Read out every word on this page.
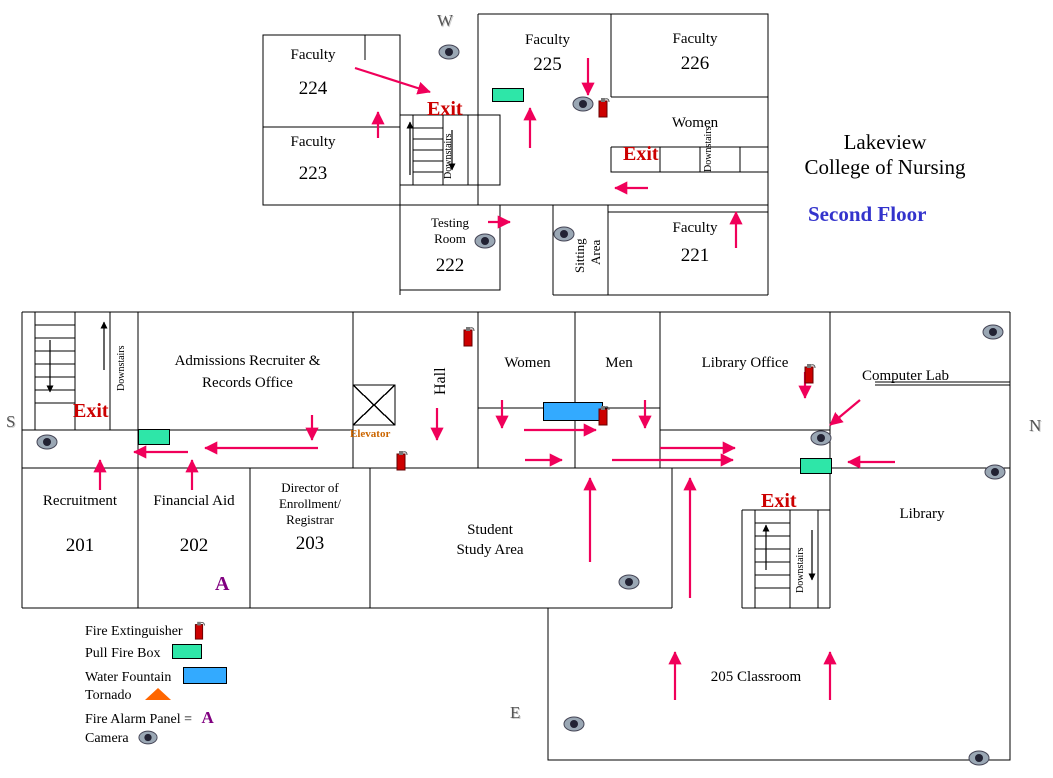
Lakeview
College of Nursing
Second Floor
W
N
S
E
Exit
Exit
Exit
Exit
Faculty
224
Faculty
223
Faculty
225
Faculty
226
Women
Downstairs
Faculty
221
Testing
Room
222	Sitting Area
Downstairs
Admissions Recruiter &
Records Office
Downstairs
Elevator
Hall
Women	Men	Library Office
Computer Lab
Library
Recruitment
201
Financial Aid
202
Director of
Enrollment/
Registrar
203
Student
Study Area
205 Classroom
Downstairs
A
Fire Extinguisher
Pull Fire Box
Water Fountain
Tornado
Fire Alarm Panel = A
Camera
